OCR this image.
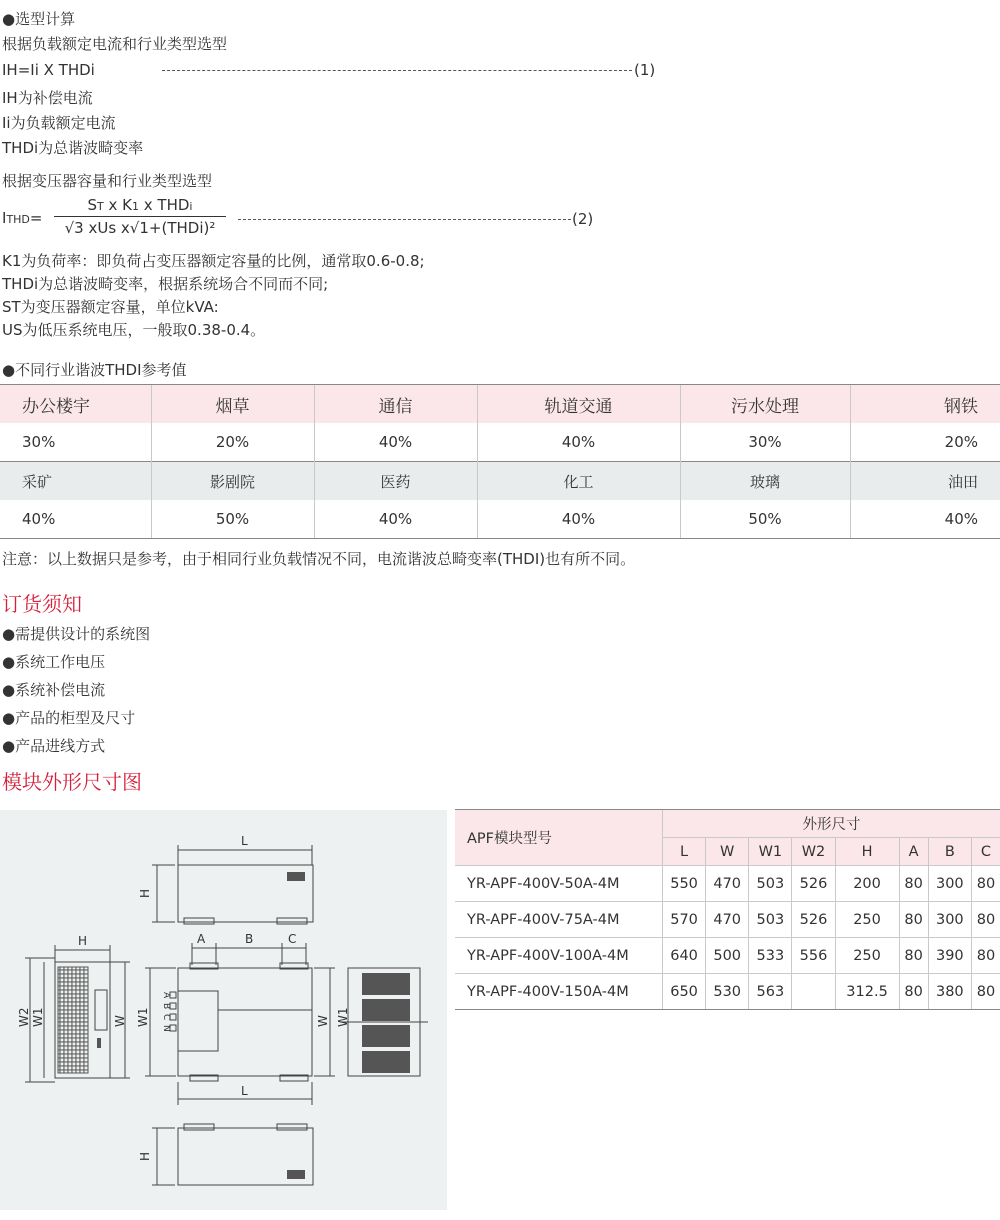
●选型计算
根据负载额定电流和行业类型选型
IH=Ii X THDi	(1)
IH为补偿电流
Ii为负载额定电流
THDi为总谐波畸变率
根据变压器容量和行业类型选型
ITHD=
ST x K1 x THDi
√3 xUs x√1+(THDi)²	(2)
K1为负荷率：即负荷占变压器额定容量的比例，通常取0.6-0.8;
THDi为总谐波畸变率，根据系统场合不同而不同;
ST为变压器额定容量，单位kVA:
US为低压系统电压，一般取0.38-0.4。
●不同行业谐波THDI参考值
办公楼宇	烟草	通信	轨道交通	污水处理	钢铁
30%	20%	40%	40%	30%	20%
采矿	影剧院	医药	化工	玻璃	油田
40%	50%	40%	40%	50%	40%
注意：以上数据只是参考，由于相同行业负载情况不同，电流谐波总畸变率(THDI)也有所不同。
订货须知
●需提供设计的系统图
●系统工作电压
●系统补偿电流
●产品的柜型及尺寸
●产品进线方式
模块外形尺寸图
L
H
A	B	C
A
B
C
N
L
W1	W
H
W2 W1	W	W1
H
APF模块型号	外形尺寸							
	L	W	W1	W2	H	A	B	C
YR-APF-400V-50A-4M	550	470	503	526	200	80	300	80
YR-APF-400V-75A-4M	570	470	503	526	250	80	300	80
YR-APF-400V-100A-4M	640	500	533	556	250	80	390	80
YR-APF-400V-150A-4M	650	530	563		312.5	80	380	80
